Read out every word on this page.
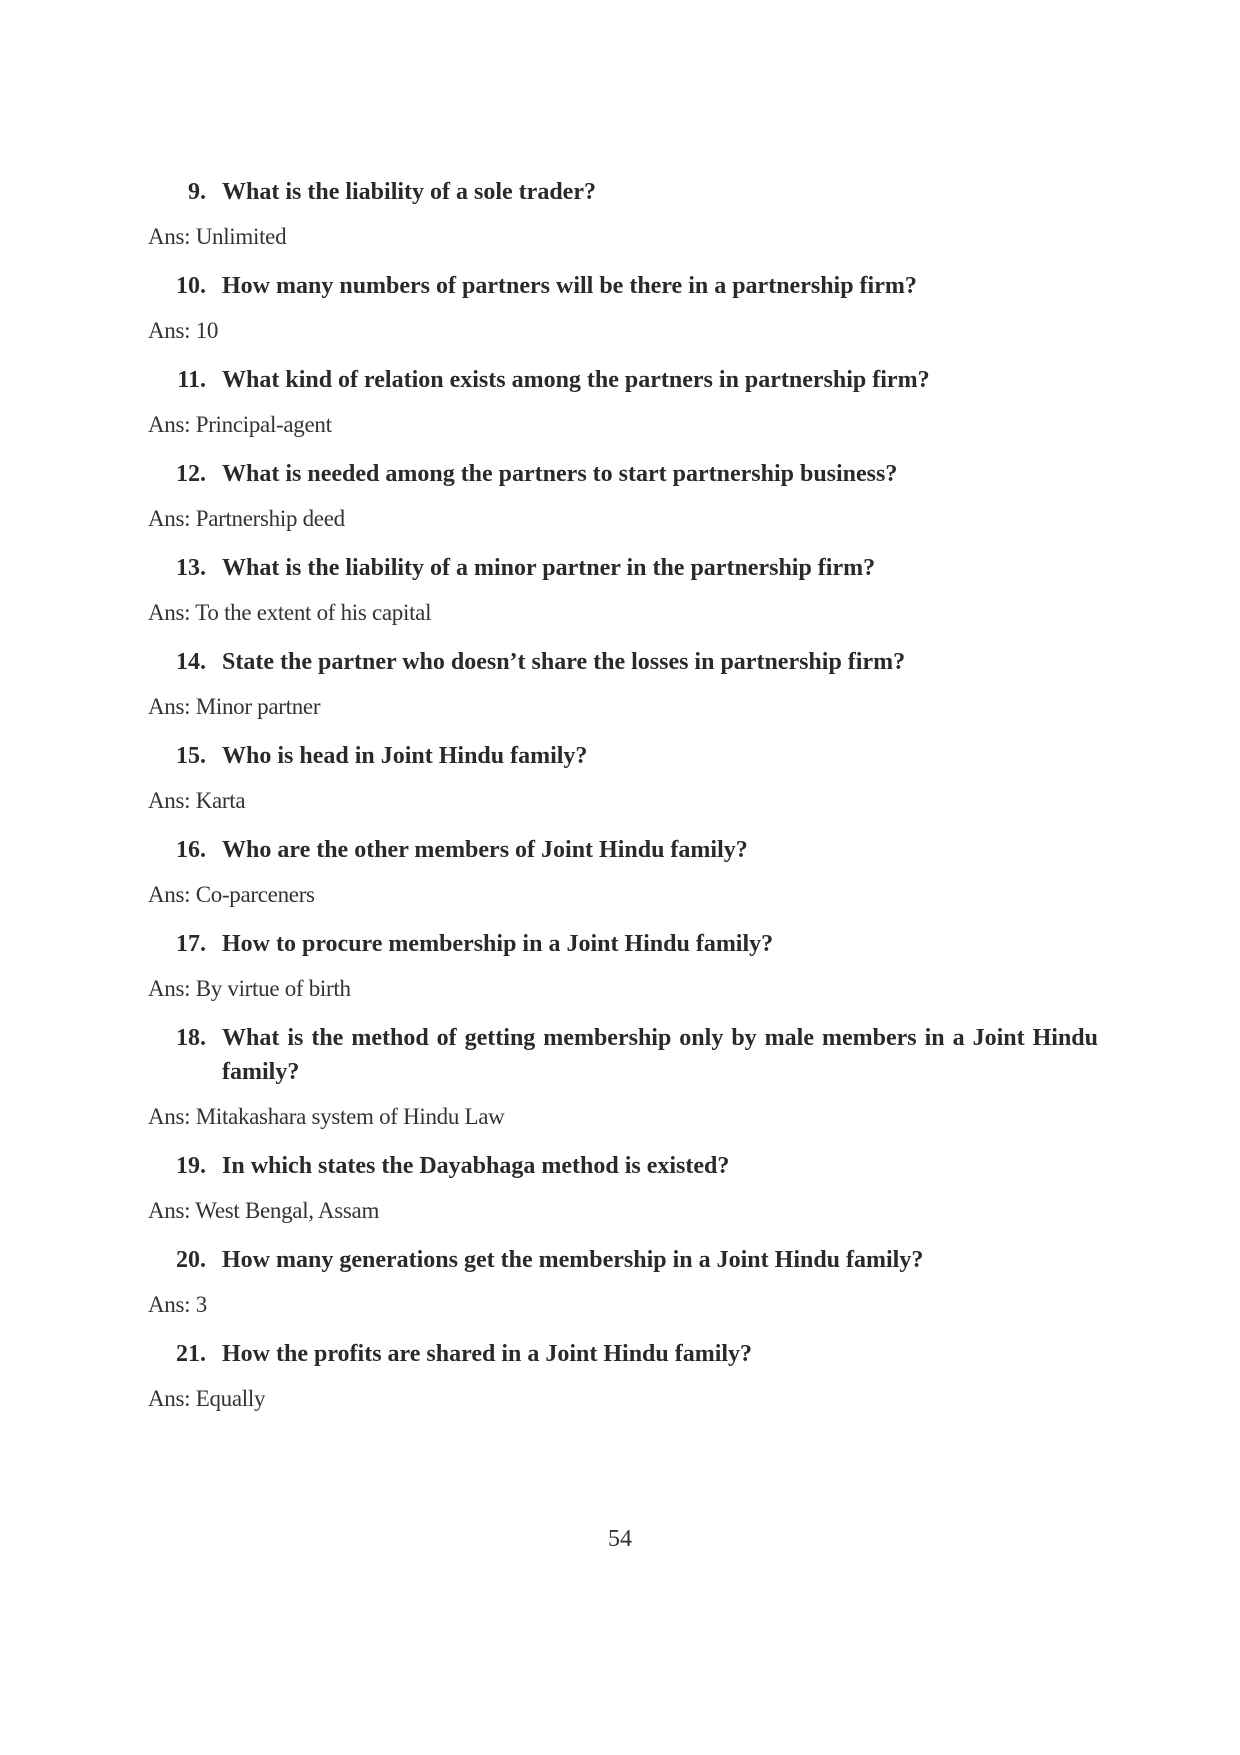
9. What is the liability of a sole trader?

Ans: Unlimited

10. How many numbers of partners will be there in a partnership firm?

Ans: 10

11. What kind of relation exists among the partners in partnership firm?

Ans: Principal-agent

12. What is needed among the partners to start partnership business?

Ans: Partnership deed

13. What is the liability of a minor partner in the partnership firm?

Ans: To the extent of his capital

14. State the partner who doesn’t share the losses in partnership firm?

Ans: Minor partner

15. Who is head in Joint Hindu family?

Ans: Karta

16. Who are the other members of Joint Hindu family?

Ans: Co-parceners

17. How to procure membership in a Joint Hindu family?

Ans: By virtue of birth

18. What is the method of getting membership only by male members in a Joint Hindu family?

Ans: Mitakashara system of Hindu Law

19. In which states the Dayabhaga method is existed?

Ans: West Bengal, Assam

20. How many generations get the membership in a Joint Hindu family?

Ans: 3

21. How the profits are shared in a Joint Hindu family?

Ans: Equally

54
